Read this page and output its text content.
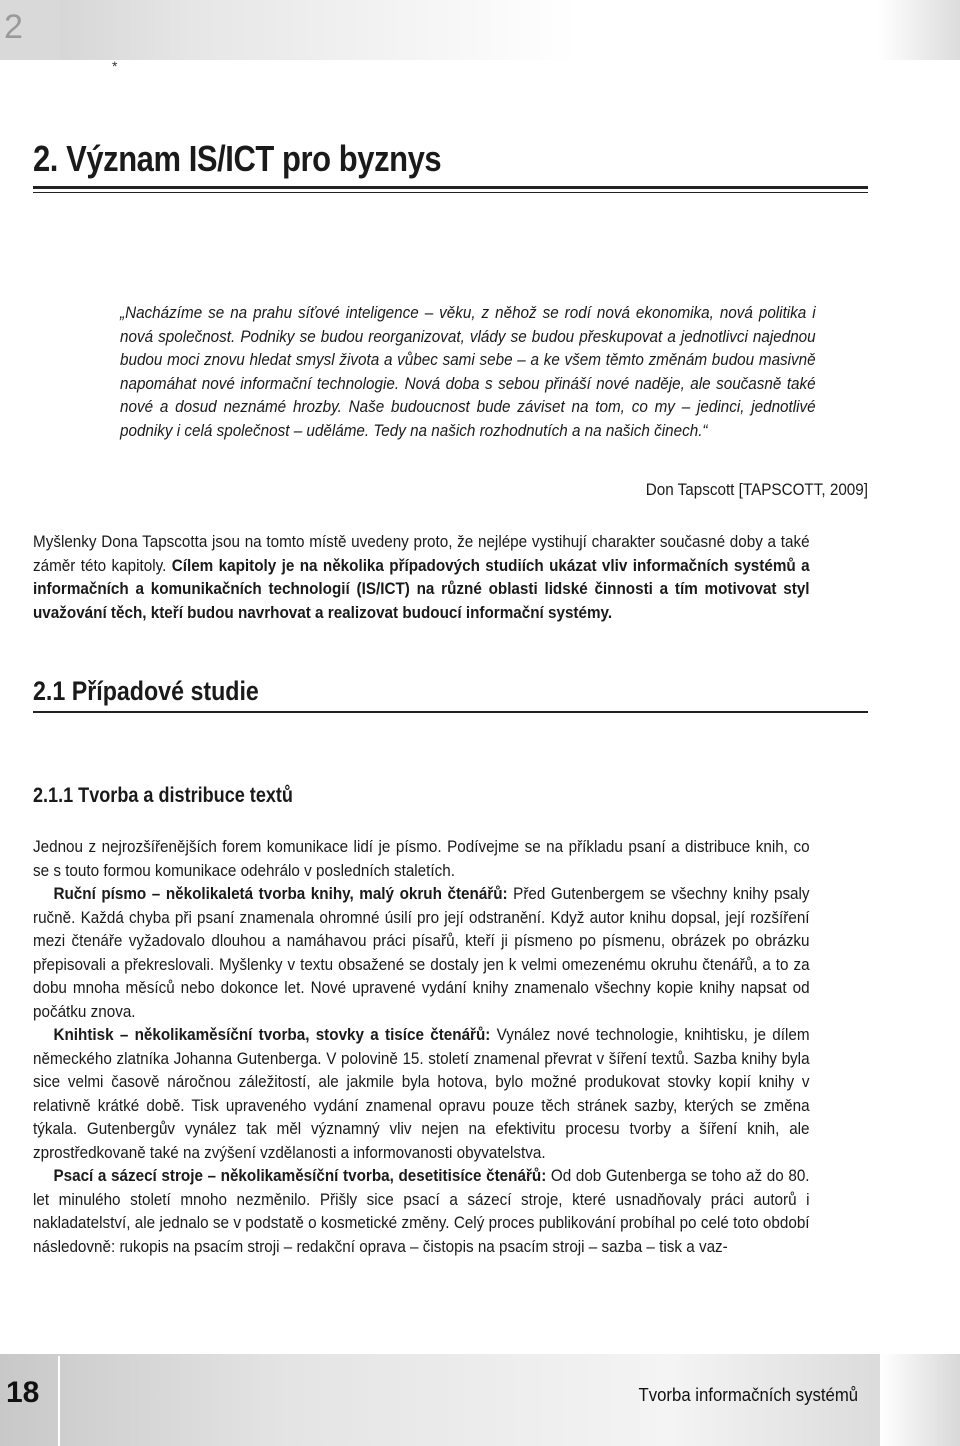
2
*
2. Význam IS/ICT pro byznys
„Nacházíme se na prahu síťové inteligence – věku, z něhož se rodí nová ekonomika, nová politika i nová společnost. Podniky se budou reorganizovat, vlády se budou přeskupovat a jednotlivci najednou budou moci znovu hledat smysl života a vůbec sami sebe – a ke všem těmto změnám budou masivně napomáhat nové informační technologie. Nová doba s sebou přináší nové naděje, ale současně také nové a dosud neznámé hrozby. Naše budoucnost bude záviset na tom, co my – jedinci, jednotlivé podniky i celá společnost – uděláme. Tedy na našich rozhodnutích a na našich činech.“
Don Tapscott [TAPSCOTT, 2009]

Myšlenky Dona Tapscotta jsou na tomto místě uvedeny proto, že nejlépe vystihují charakter současné doby a také záměr této kapitoly. Cílem kapitoly je na několika případových studiích ukázat vliv informačních systémů a informačních a komunikačních technologií (IS/ICT) na různé oblasti lidské činnosti a tím motivovat styl uvažování těch, kteří budou navrhovat a realizovat budoucí informační systémy.

2.1 Případové studie
2.1.1 Tvorba a distribuce textů

Jednou z nejrozšířenějších forem komunikace lidí je písmo. Podívejme se na příkladu psaní a distribuce knih, co se s touto formou komunikace odehrálo v posledních staletích.

Ruční písmo – několikaletá tvorba knihy, malý okruh čtenářů: Před Gutenbergem se všechny knihy psaly ručně. Každá chyba při psaní znamenala ohromné úsilí pro její odstranění. Když autor knihu dopsal, její rozšíření mezi čtenáře vyžadovalo dlouhou a namáhavou práci písařů, kteří ji písmeno po písmenu, obrázek po obrázku přepisovali a překreslovali. Myšlenky v textu obsažené se dostaly jen k velmi omezenému okruhu čtenářů, a to za dobu mnoha měsíců nebo dokonce let. Nové upravené vydání knihy znamenalo všechny kopie knihy napsat od počátku znova.

Knihtisk – několikaměsíční tvorba, stovky a tisíce čtenářů: Vynález nové technologie, knihtisku, je dílem německého zlatníka Johanna Gutenberga. V polovině 15. století znamenal převrat v šíření textů. Sazba knihy byla sice velmi časově náročnou záležitostí, ale jakmile byla hotova, bylo možné produkovat stovky kopií knihy v relativně krátké době. Tisk upraveného vydání znamenal opravu pouze těch stránek sazby, kterých se změna týkala. Gutenbergův vynález tak měl významný vliv nejen na efektivitu procesu tvorby a šíření knih, ale zprostředkovaně také na zvýšení vzdělanosti a informovanosti obyvatelstva.

Psací a sázecí stroje – několikaměsíční tvorba, desetitisíce čtenářů: Od dob Gutenberga se toho až do 80. let minulého století mnoho nezměnilo. Přišly sice psací a sázecí stroje, které usnadňovaly práci autorů i nakladatelství, ale jednalo se v podstatě o kosmetické změny. Celý proces publikování probíhal po celé toto období následovně: rukopis na psacím stroji – redakční oprava – čistopis na psacím stroji – sazba – tisk a vaz-

18	Tvorba informačních systémů
